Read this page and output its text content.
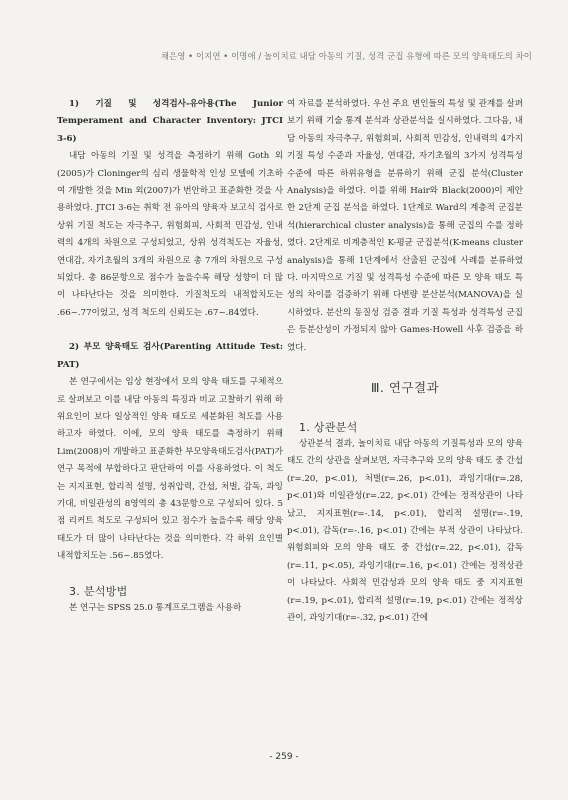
채은영 • 이지연 • 이명애 / 놀이치료 내담 아동의 기질, 성격 군집 유형에 따른 모의 양육태도의 차이

1) 기질 및 성격검사-유아용(The Junior Temperament and Character Inventory: JTCI 3-6)

내담 아동의 기질 및 성격을 측정하기 위해 Goth 외(2005)가 Cloninger의 심리 생물학적 인성 모델에 기초하여 개발한 것을 Min 외(2007)가 번안하고 표준화한 것을 사용하였다. JTCI 3-6는 취학 전 유아의 양육자 보고식 검사로 상위 기질 척도는 자극추구, 위험회피, 사회적 민감성, 인내력의 4개의 차원으로 구성되었고, 상위 성격척도는 자율성, 연대감, 자기초월의 3개의 차원으로 총 7개의 차원으로 구성되었다. 총 86문항으로 점수가 높을수록 해당 성향이 더 많이 나타난다는 것을 의미한다. 기질척도의 내적합치도는 .66~.77이었고, 성격 척도의 신뢰도는 .67~.84였다.

2) 부모 양육태도 검사(Parenting Attitude Test: PAT)

본 연구에서는 임상 현장에서 모의 양육 태도를 구체적으로 살펴보고 이를 내담 아동의 특징과 비교 고찰하기 위해 하위요인이 보다 일상적인 양육 태도로 세분화된 척도를 사용하고자 하였다. 이에, 모의 양육 태도를 측정하기 위해 Lim(2008)이 개발하고 표준화한 부모양육태도검사(PAT)가 연구 목적에 부합하다고 판단하여 이를 사용하였다. 이 척도는 지지표현, 합리적 설명, 성취압력, 간섭, 처벌, 감독, 과잉기대, 비일관성의 8영역의 총 43문항으로 구성되어 있다. 5점 리커트 척도로 구성되어 있고 점수가 높을수록 해당 양육 태도가 더 많이 나타난다는 것을 의미한다. 각 하위 요인별 내적합치도는 .56~.85였다.

3. 분석방법

본 연구는 SPSS 25.0 통계프로그램을 사용하

여 자료를 분석하였다. 우선 주요 변인들의 특성 및 관계를 살펴보기 위해 기술 통계 분석과 상관분석을 실시하였다. 그다음, 내담 아동의 자극추구, 위험회피, 사회적 민감성, 인내력의 4가지 기질 특성 수준과 자율성, 연대감, 자기초월의 3가지 성격특성 수준에 따른 하위유형을 분류하기 위해 군집 분석(Cluster Analysis)을 하였다. 이를 위해 Hair와 Black(2000)이 제안한 2단계 군집 분석을 하였다. 1단계로 Ward의 계층적 군집분석(hierarchical cluster analysis)을 통해 군집의 수를 정하였다. 2단계로 비계층적인 K-평균 군집분석(K-means cluster analysis)을 통해 1단계에서 산출된 군집에 사례를 분류하였다. 마지막으로 기질 및 성격특성 수준에 따른 모 양육 태도 특성의 차이를 검증하기 위해 다변량 분산분석(MANOVA)을 실시하였다. 분산의 동질성 검증 결과 기질 특성과 성격특성 군집은 등분산성이 가정되지 않아 Games-Howell 사후 검증을 하였다.

Ⅲ. 연구결과

1. 상관분석

상관분석 결과, 놀이치료 내담 아동의 기질특성과 모의 양육 태도 간의 상관을 살펴보면, 자극추구와 모의 양육 태도 중 간섭(r=.20, p<.01), 처벌(r=.26, p<.01), 과잉기대(r=.28, p<.01)와 비일관성(r=.22, p<.01) 간에는 정적상관이 나타났고, 지지표현(r=-.14, p<.01), 합리적 설명(r=-.19, p<.01), 감독(r=-.16, p<.01) 간에는 부적 상관이 나타났다. 위험회피와 모의 양육 태도 중 간섭(r=.22, p<.01), 감독(r=.11, p<.05), 과잉기대(r=.16, p<.01) 간에는 정적상관이 나타났다. 사회적 민감성과 모의 양육 태도 중 지지표현(r=.19, p<.01), 합리적 설명(r=.19, p<.01) 간에는 정적상관이, 과잉기대(r=-.32, p<.01) 간에

- 259 -
